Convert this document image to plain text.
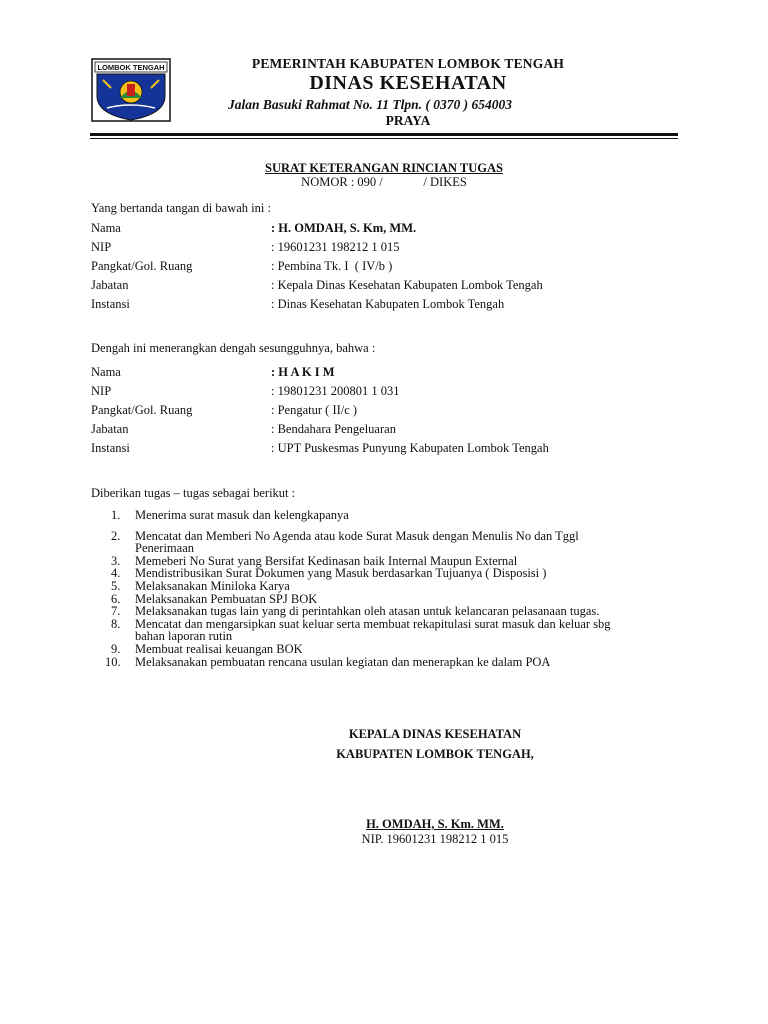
LOMBOK TENGAH	PEMERINTAH KABUPATEN LOMBOK TENGAH
DINAS KESEHATAN
Jalan Basuki Rahmat No. 11 Tlpn. ( 0370 ) 654003
PRAYA
SURAT KETERANGAN RINCIAN TUGAS
NOMOR : 090 /             / DIKES
Yang bertanda tangan di bawah ini :
Nama	: H. OMDAH, S. Km, MM.
NIP	: 19601231 198212 1 015
Pangkat/Gol. Ruang	: Pembina Tk. I  ( IV/b )
Jabatan	: Kepala Dinas Kesehatan Kabupaten Lombok Tengah
Instansi	: Dinas Kesehatan Kabupaten Lombok Tengah
Dengah ini menerangkan dengah sesungguhnya, bahwa :
Nama	: H A K I M
NIP	: 19801231 200801 1 031
Pangkat/Gol. Ruang	: Pengatur ( II/c )
Jabatan	: Bendahara Pengeluaran
Instansi	: UPT Puskesmas Punyung Kabupaten Lombok Tengah
Diberikan tugas – tugas sebagai berikut :
1.	Menerima surat masuk dan kelengkapanya
2.	Mencatat dan Memberi No Agenda atau kode Surat Masuk dengan Menulis No dan Tggl
Penerimaan
3.	Memeberi No Surat yang Bersifat Kedinasan baik Internal Maupun External
4.	Mendistribusikan Surat Dokumen yang Masuk berdasarkan Tujuanya ( Disposisi )
5.	Melaksanakan Miniloka Karya
6.	Melaksanakan Pembuatan SPJ BOK
7.	Melaksanakan tugas lain yang di perintahkan oleh atasan untuk kelancaran pelasanaan tugas.
8.	Mencatat dan mengarsipkan suat keluar serta membuat rekapitulasi surat masuk dan keluar sbg
bahan laporan rutin
9.	Membuat realisai keuangan BOK
10.	Melaksanakan pembuatan rencana usulan kegiatan dan menerapkan ke dalam POA
KEPALA DINAS KESEHATAN
KABUPATEN LOMBOK TENGAH,
H. OMDAH, S. Km. MM.
NIP. 19601231 198212 1 015
